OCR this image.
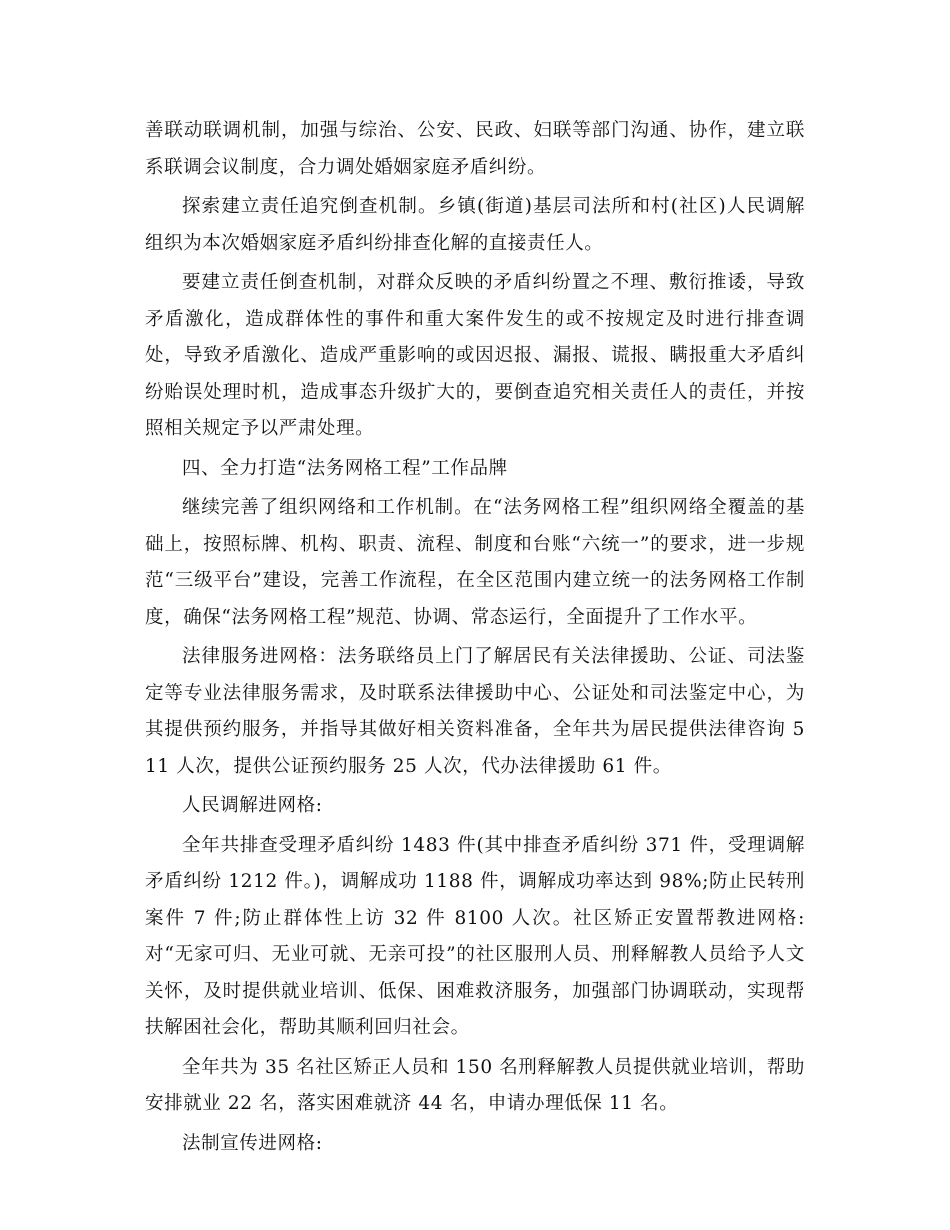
善联动联调机制，加强与综治、公安、民政、妇联等部门沟通、协作，建立联系联调会议制度，合力调处婚姻家庭矛盾纠纷。

探索建立责任追究倒查机制。乡镇(街道)基层司法所和村(社区)人民调解组织为本次婚姻家庭矛盾纠纷排查化解的直接责任人。

要建立责任倒查机制，对群众反映的矛盾纠纷置之不理、敷衍推诿，导致矛盾激化，造成群体性的事件和重大案件发生的或不按规定及时进行排查调处，导致矛盾激化、造成严重影响的或因迟报、漏报、谎报、瞒报重大矛盾纠纷贻误处理时机，造成事态升级扩大的，要倒查追究相关责任人的责任，并按照相关规定予以严肃处理。

四、全力打造“法务网格工程”工作品牌

继续完善了组织网络和工作机制。在“法务网格工程”组织网络全覆盖的基础上，按照标牌、机构、职责、流程、制度和台账“六统一”的要求，进一步规范“三级平台”建设，完善工作流程，在全区范围内建立统一的法务网格工作制度，确保“法务网格工程”规范、协调、常态运行，全面提升了工作水平。

法律服务进网格：法务联络员上门了解居民有关法律援助、公证、司法鉴定等专业法律服务需求，及时联系法律援助中心、公证处和司法鉴定中心，为其提供预约服务，并指导其做好相关资料准备，全年共为居民提供法律咨询 511 人次，提供公证预约服务 25 人次，代办法律援助 61 件。

人民调解进网格:

全年共排查受理矛盾纠纷 1483 件(其中排查矛盾纠纷 371 件，受理调解矛盾纠纷 1212 件。)，调解成功 1188 件，调解成功率达到 98%;防止民转刑案件 7 件;防止群体性上访 32 件 8100 人次。社区矫正安置帮教进网格:对“无家可归、无业可就、无亲可投”的社区服刑人员、刑释解教人员给予人文关怀，及时提供就业培训、低保、困难救济服务，加强部门协调联动，实现帮扶解困社会化，帮助其顺利回归社会。

全年共为 35 名社区矫正人员和 150 名刑释解教人员提供就业培训，帮助安排就业 22 名，落实困难就济 44 名，申请办理低保 11 名。

法制宣传进网格:
